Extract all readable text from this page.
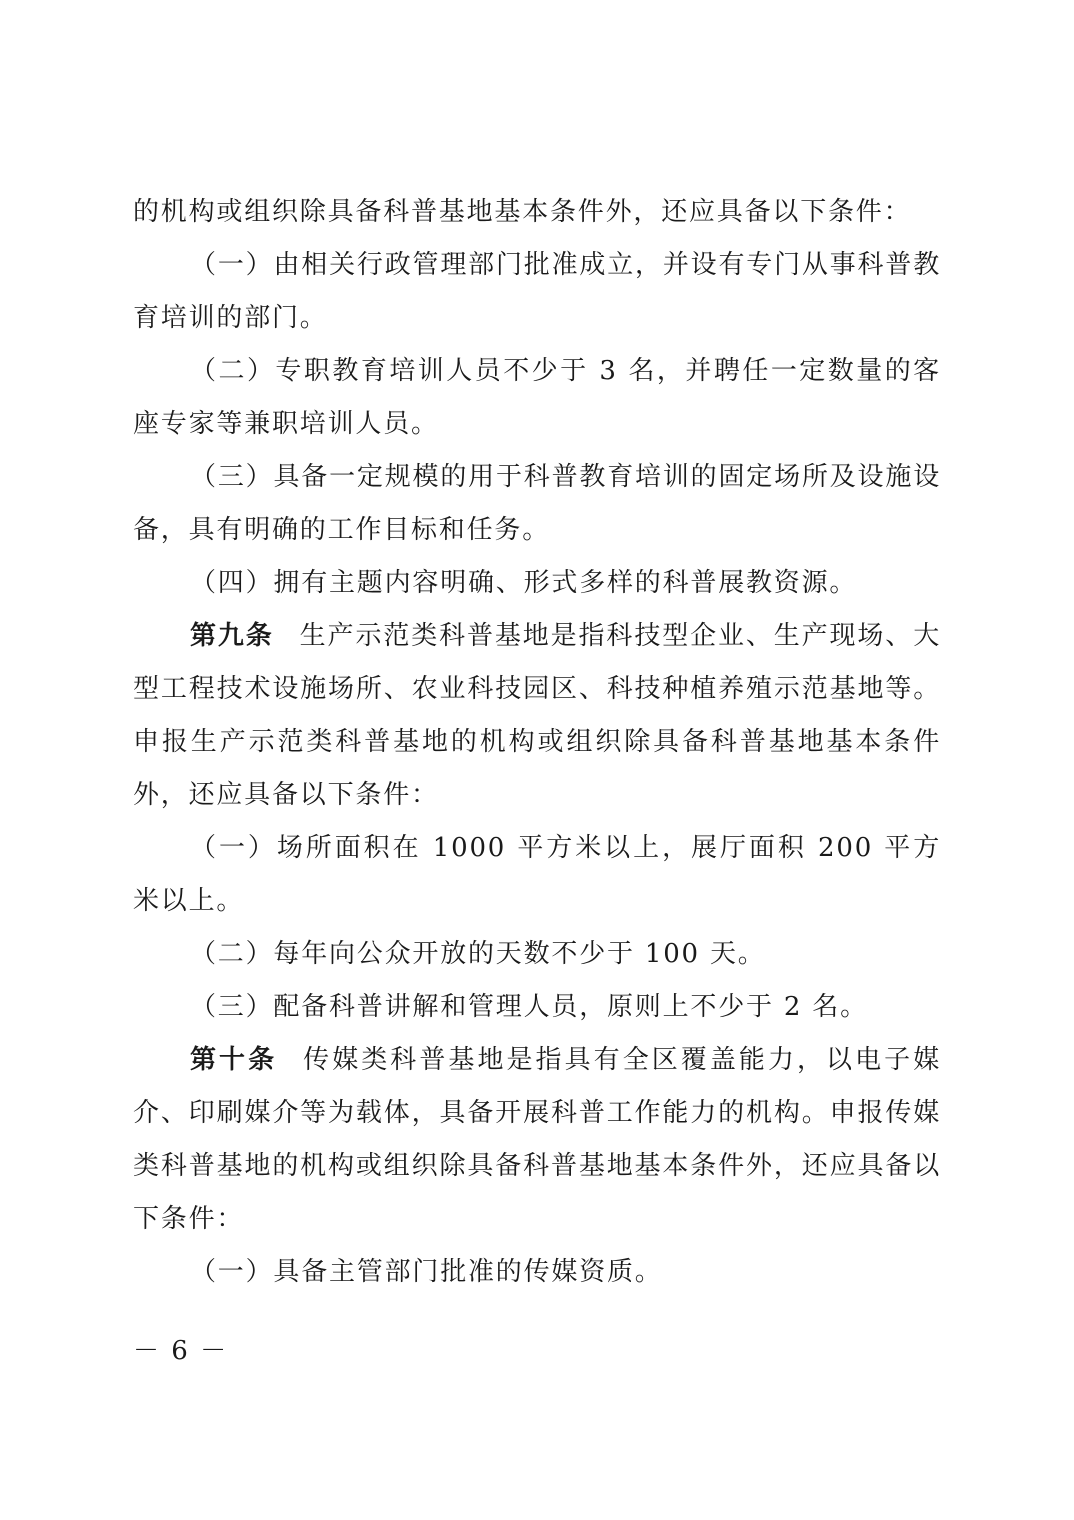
的机构或组织除具备科普基地基本条件外，还应具备以下条件：

（一）由相关行政管理部门批准成立，并设有专门从事科普教育培训的部门。

（二）专职教育培训人员不少于 3 名，并聘任一定数量的客座专家等兼职培训人员。

（三）具备一定规模的用于科普教育培训的固定场所及设施设备，具有明确的工作目标和任务。

（四）拥有主题内容明确、形式多样的科普展教资源。

第九条 生产示范类科普基地是指科技型企业、生产现场、大型工程技术设施场所、农业科技园区、科技种植养殖示范基地等。申报生产示范类科普基地的机构或组织除具备科普基地基本条件外，还应具备以下条件：

（一）场所面积在 1000 平方米以上，展厅面积 200 平方米以上。

（二）每年向公众开放的天数不少于 100 天。

（三）配备科普讲解和管理人员，原则上不少于 2 名。

第十条 传媒类科普基地是指具有全区覆盖能力，以电子媒介、印刷媒介等为载体，具备开展科普工作能力的机构。申报传媒类科普基地的机构或组织除具备科普基地基本条件外，还应具备以下条件：

（一）具备主管部门批准的传媒资质。

－ 6 －
